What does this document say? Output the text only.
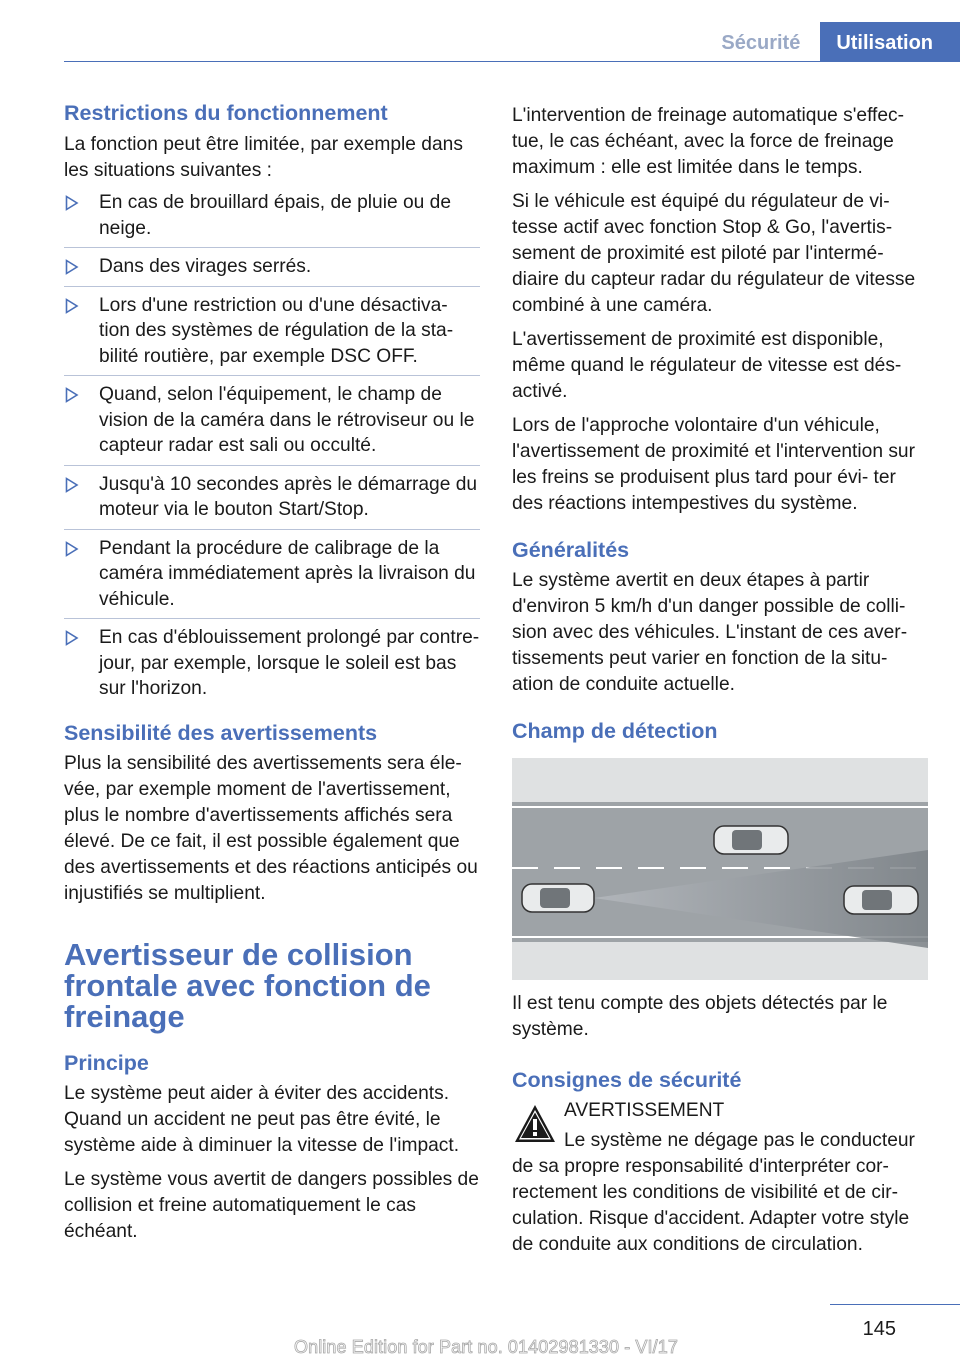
Sécurité	Utilisation
Restrictions du fonctionnement

La fonction peut être limitée, par exemple dans les situations suivantes :

En cas de brouillard épais, de pluie ou de neige.
Dans des virages serrés.
Lors d'une restriction ou d'une désactiva‐ tion des systèmes de régulation de la sta‐ bilité routière, par exemple DSC OFF.
Quand, selon l'équipement, le champ de vision de la caméra dans le rétroviseur ou le capteur radar est sali ou occulté.
Jusqu'à 10 secondes après le démarrage du moteur via le bouton Start/Stop.
Pendant la procédure de calibrage de la caméra immédiatement après la livraison du véhicule.
En cas d'éblouissement prolongé par contre-jour, par exemple, lorsque le soleil est bas sur l'horizon.
Sensibilité des avertissements

Plus la sensibilité des avertissements sera éle‐ vée, par exemple moment de l'avertissement, plus le nombre d'avertissements affichés sera élevé. De ce fait, il est possible également que des avertissements et des réactions anticipés ou injustifiés se multiplient.

Avertisseur de collision
frontale avec fonction de
freinage
Principe

Le système peut aider à éviter des accidents. Quand un accident ne peut pas être évité, le système aide à diminuer la vitesse de l'impact.

Le système vous avertit de dangers possibles de collision et freine automatiquement le cas échéant.

L'intervention de freinage automatique s'effec‐ tue, le cas échéant, avec la force de freinage maximum : elle est limitée dans le temps.

Si le véhicule est équipé du régulateur de vi‐ tesse actif avec fonction Stop & Go, l'avertis‐ sement de proximité est piloté par l'intermé‐ diaire du capteur radar du régulateur de vitesse combiné à une caméra.

L'avertissement de proximité est disponible, même quand le régulateur de vitesse est dés‐ activé.

Lors de l'approche volontaire d'un véhicule, l'avertissement de proximité et l'intervention sur les freins se produisent plus tard pour évi‐ ter des réactions intempestives du système.

Généralités

Le système avertit en deux étapes à partir d'environ 5 km/h d'un danger possible de colli‐ sion avec des véhicules. L'instant de ces aver‐ tissements peut varier en fonction de la situ‐ ation de conduite actuelle.

Champ de détection

Il est tenu compte des objets détectés par le système.

Consignes de sécurité
AVERTISSEMENT
Le système ne dégage pas le conducteur de sa propre responsabilité d'interpréter cor‐ rectement les conditions de visibilité et de cir‐ culation. Risque d'accident. Adapter votre style de conduite aux conditions de circulation.
145
Online Edition for Part no. 01402981330 - VI/17
